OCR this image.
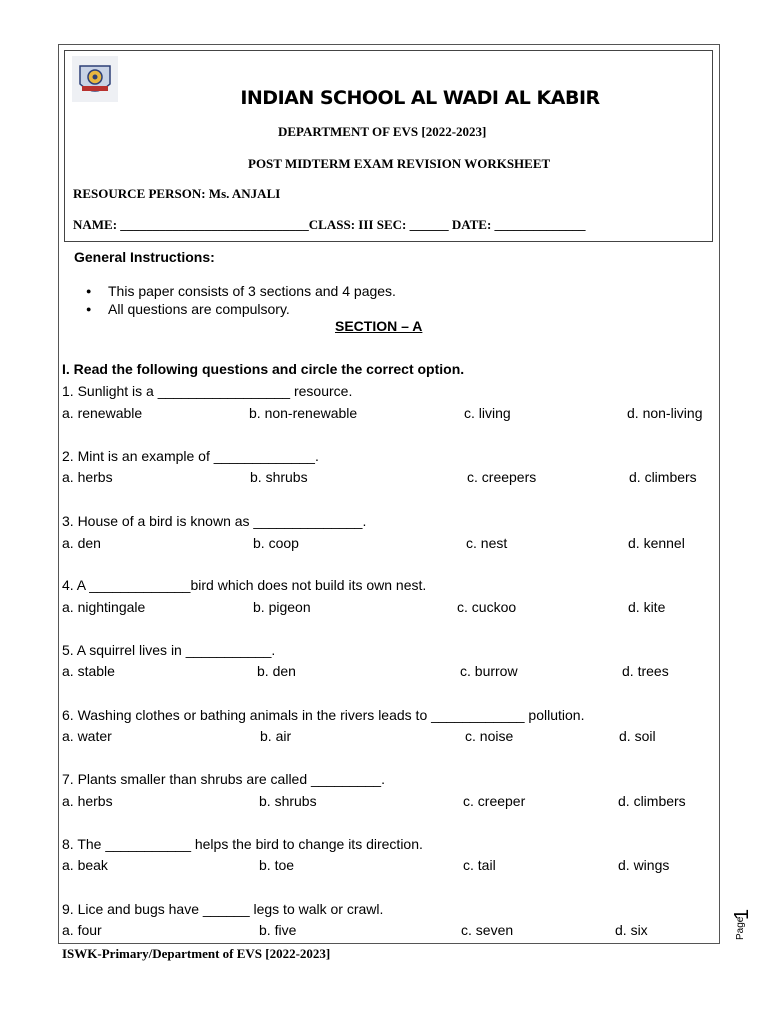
INDIAN SCHOOL AL WADI AL KABIR
DEPARTMENT OF EVS [2022-2023]
POST MIDTERM EXAM REVISION WORKSHEET
RESOURCE PERSON: Ms. ANJALI
NAME: _____________________________CLASS: III SEC: ______ DATE: ______________
General Instructions:
● This paper consists of 3 sections and 4 pages.
● All questions are compulsory.
SECTION – A
I. Read the following questions and circle the correct option.
1. Sunlight is a _________________ resource.
a. renewable	b. non-renewable	c. living	d. non-living
2. Mint is an example of _____________.
a. herbs	b. shrubs	c. creepers	d. climbers
3. House of a bird is known as ______________.
a. den	b. coop	c. nest	d. kennel
4. A _____________bird which does not build its own nest.
a. nightingale	b. pigeon	c. cuckoo	d. kite
5. A squirrel lives in ___________.
a. stable	b. den	c. burrow	d. trees
6. Washing clothes or bathing animals in the rivers leads to ____________ pollution.
a. water	b. air	c. noise	d. soil
7. Plants smaller than shrubs are called _________.
a. herbs	b. shrubs	c. creeper	d. climbers
8. The ___________ helps the bird to change its direction.
a. beak	b. toe	c. tail	d. wings
9. Lice and bugs have ______ legs to walk or crawl.
a. four	b. five	c. seven	d. six
ISWK-Primary/Department of EVS [2022-2023]
Page
1
